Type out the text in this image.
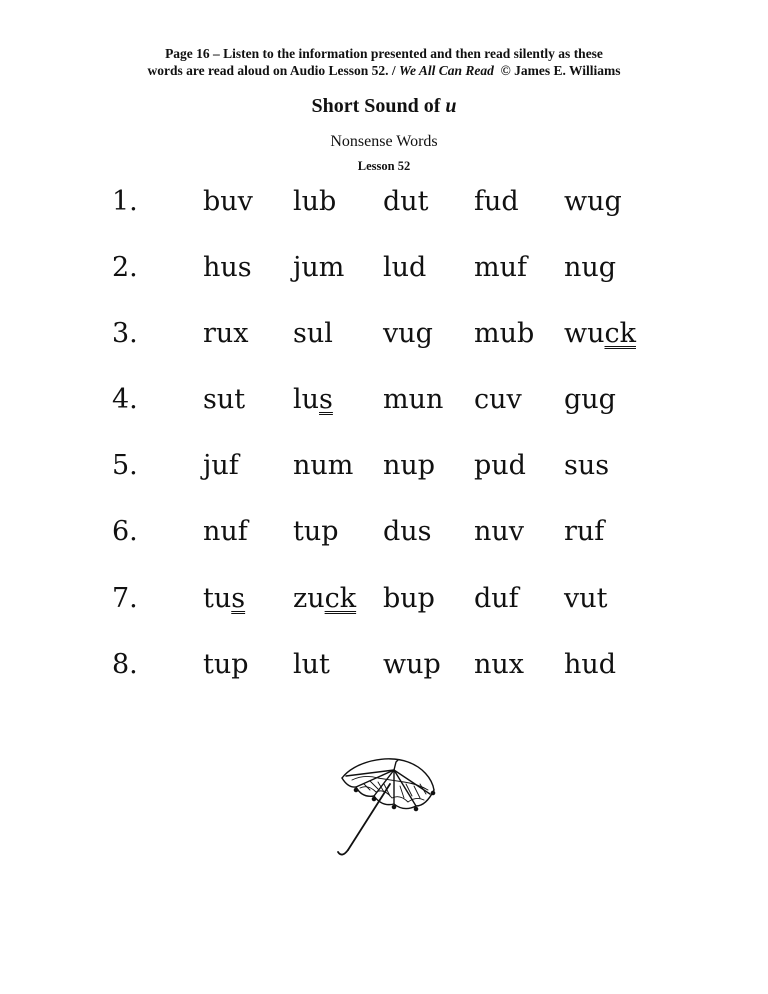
Page 16 – Listen to the information presented and then read silently as these
words are read aloud on Audio Lesson 52. / We All Can Read  © James E. Williams
Short Sound of u
Nonsense Words
Lesson 52
1. buv lub dut fud wug
2. hus jum lud muf nug
3. rux sul vug mub wuck
4. sut lus mun cuv gug
5. juf num nup pud sus
6. nuf tup dus nuv ruf
7. tus zuck bup duf vut
8. tup lut wup nux hud
